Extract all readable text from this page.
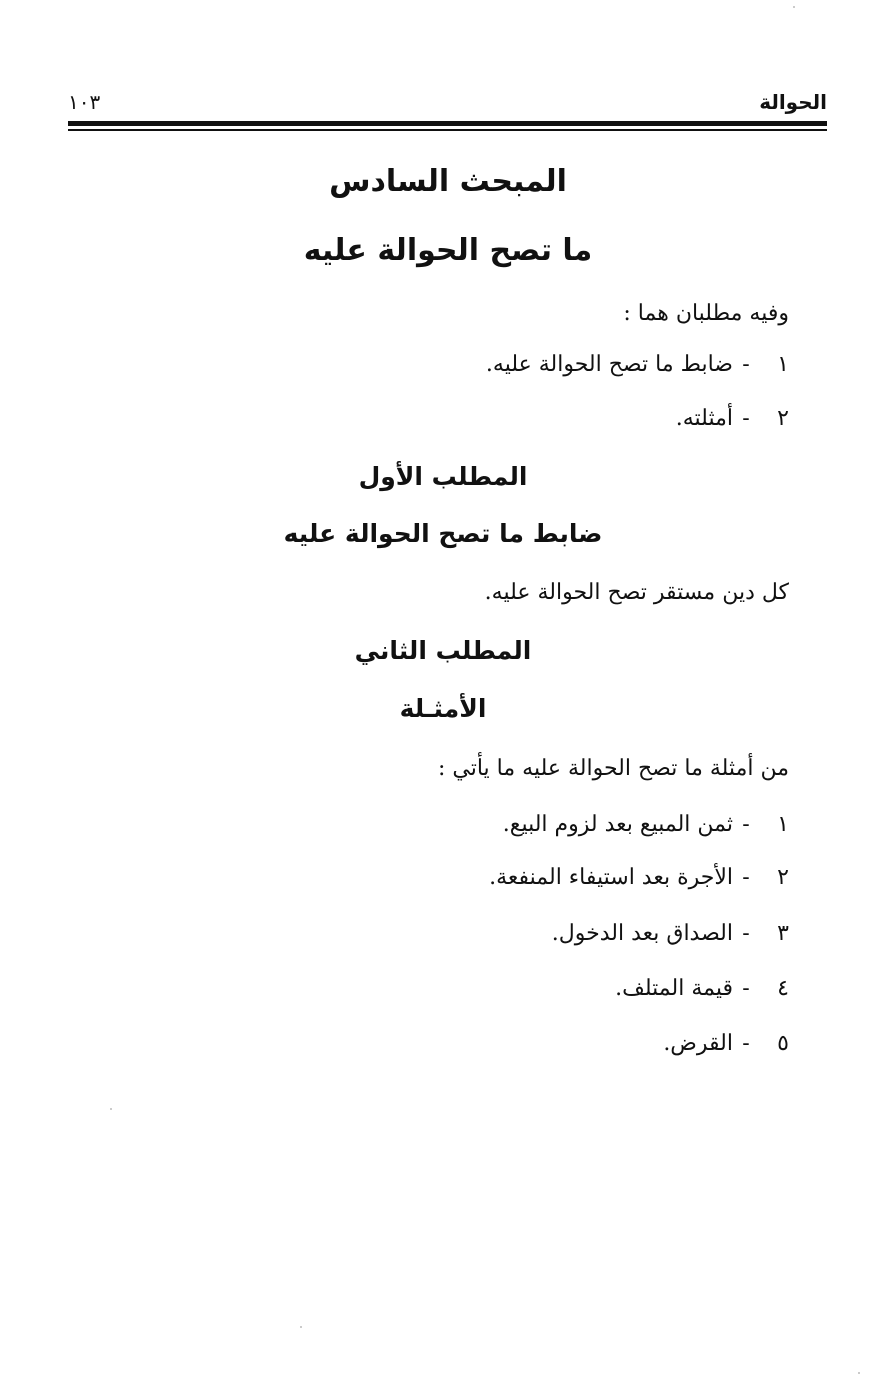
الحوالة
١٠٣
المبحث السادس
ما تصح الحوالة عليه
وفيه مطلبان هما :
١
-
ضابط ما تصح الحوالة عليه.
٢
-
أمثلته.
المطلب الأول
ضابط ما تصح الحوالة عليه
كل دين مستقر تصح الحوالة عليه.
المطلب الثاني
الأمثـلة
من أمثلة ما تصح الحوالة عليه ما يأتي :
١
-
ثمن المبيع بعد لزوم البيع.
٢
-
الأجرة بعد استيفاء المنفعة.
٣
-
الصداق بعد الدخول.
٤
-
قيمة المتلف.
٥
-
القرض.
